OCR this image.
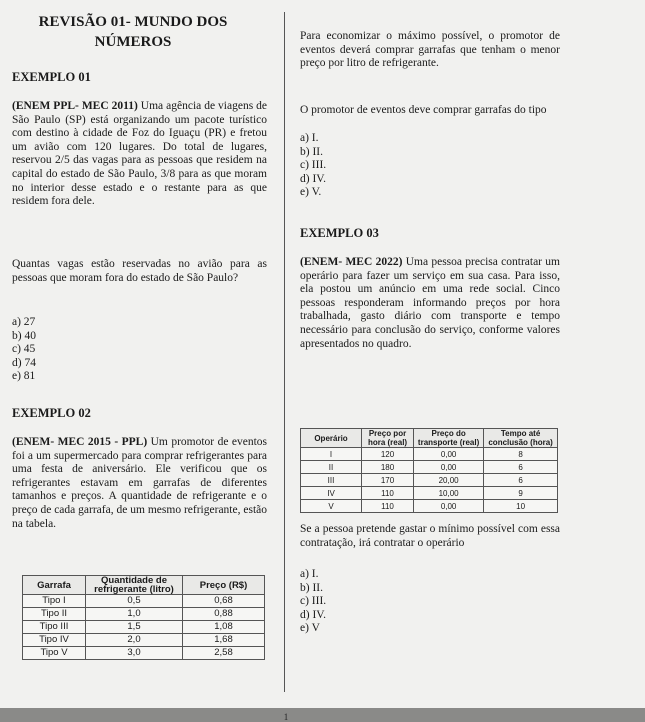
REVISÃO 01- MUNDO DOS NÚMEROS
EXEMPLO 01

(ENEM PPL- MEC 2011) Uma agência de viagens de São Paulo (SP) está organizando um pacote turístico com destino à cidade de Foz do Iguaçu (PR) e fretou um avião com 120 lugares. Do total de lugares, reservou 2/5 das vagas para as pessoas que residem na capital do estado de São Paulo, 3/8 para as que moram no interior desse estado e o restante para as que residem fora dele.

Quantas vagas estão reservadas no avião para as pessoas que moram fora do estado de São Paulo?

a) 27
b) 40
c) 45
d) 74
e) 81
EXEMPLO 02

(ENEM- MEC 2015 - PPL) Um promotor de eventos foi a um supermercado para comprar refrigerantes para uma festa de aniversário. Ele verificou que os refrigerantes estavam em garrafas de diferentes tamanhos e preços. A quantidade de refrigerante e o preço de cada garrafa, de um mesmo refrigerante, estão na tabela.

Garrafa	Quantidade de refrigerante (litro)	Preço (R$)
Tipo I	0,5	0,68
Tipo II	1,0	0,88
Tipo III	1,5	1,08
Tipo IV	2,0	1,68
Tipo V	3,0	2,58

Para economizar o máximo possível, o promotor de eventos deverá comprar garrafas que tenham o menor preço por litro de refrigerante.

O promotor de eventos deve comprar garrafas do tipo

a) I.
b) II.
c) III.
d) IV.
e) V.
EXEMPLO 03

(ENEM- MEC 2022) Uma pessoa precisa contratar um operário para fazer um serviço em sua casa. Para isso, ela postou um anúncio em uma rede social. Cinco pessoas responderam informando preços por hora trabalhada, gasto diário com transporte e tempo necessário para conclusão do serviço, conforme valores apresentados no quadro.

Operário	Preço por hora (real)	Preço do transporte (real)	Tempo até conclusão (hora)
I	120	0,00	8
II	180	0,00	6
III	170	20,00	6
IV	110	10,00	9
V	110	0,00	10

Se a pessoa pretende gastar o mínimo possível com essa contratação, irá contratar o operário

a) I.
b) II.
c) III.
d) IV.
e) V
1
